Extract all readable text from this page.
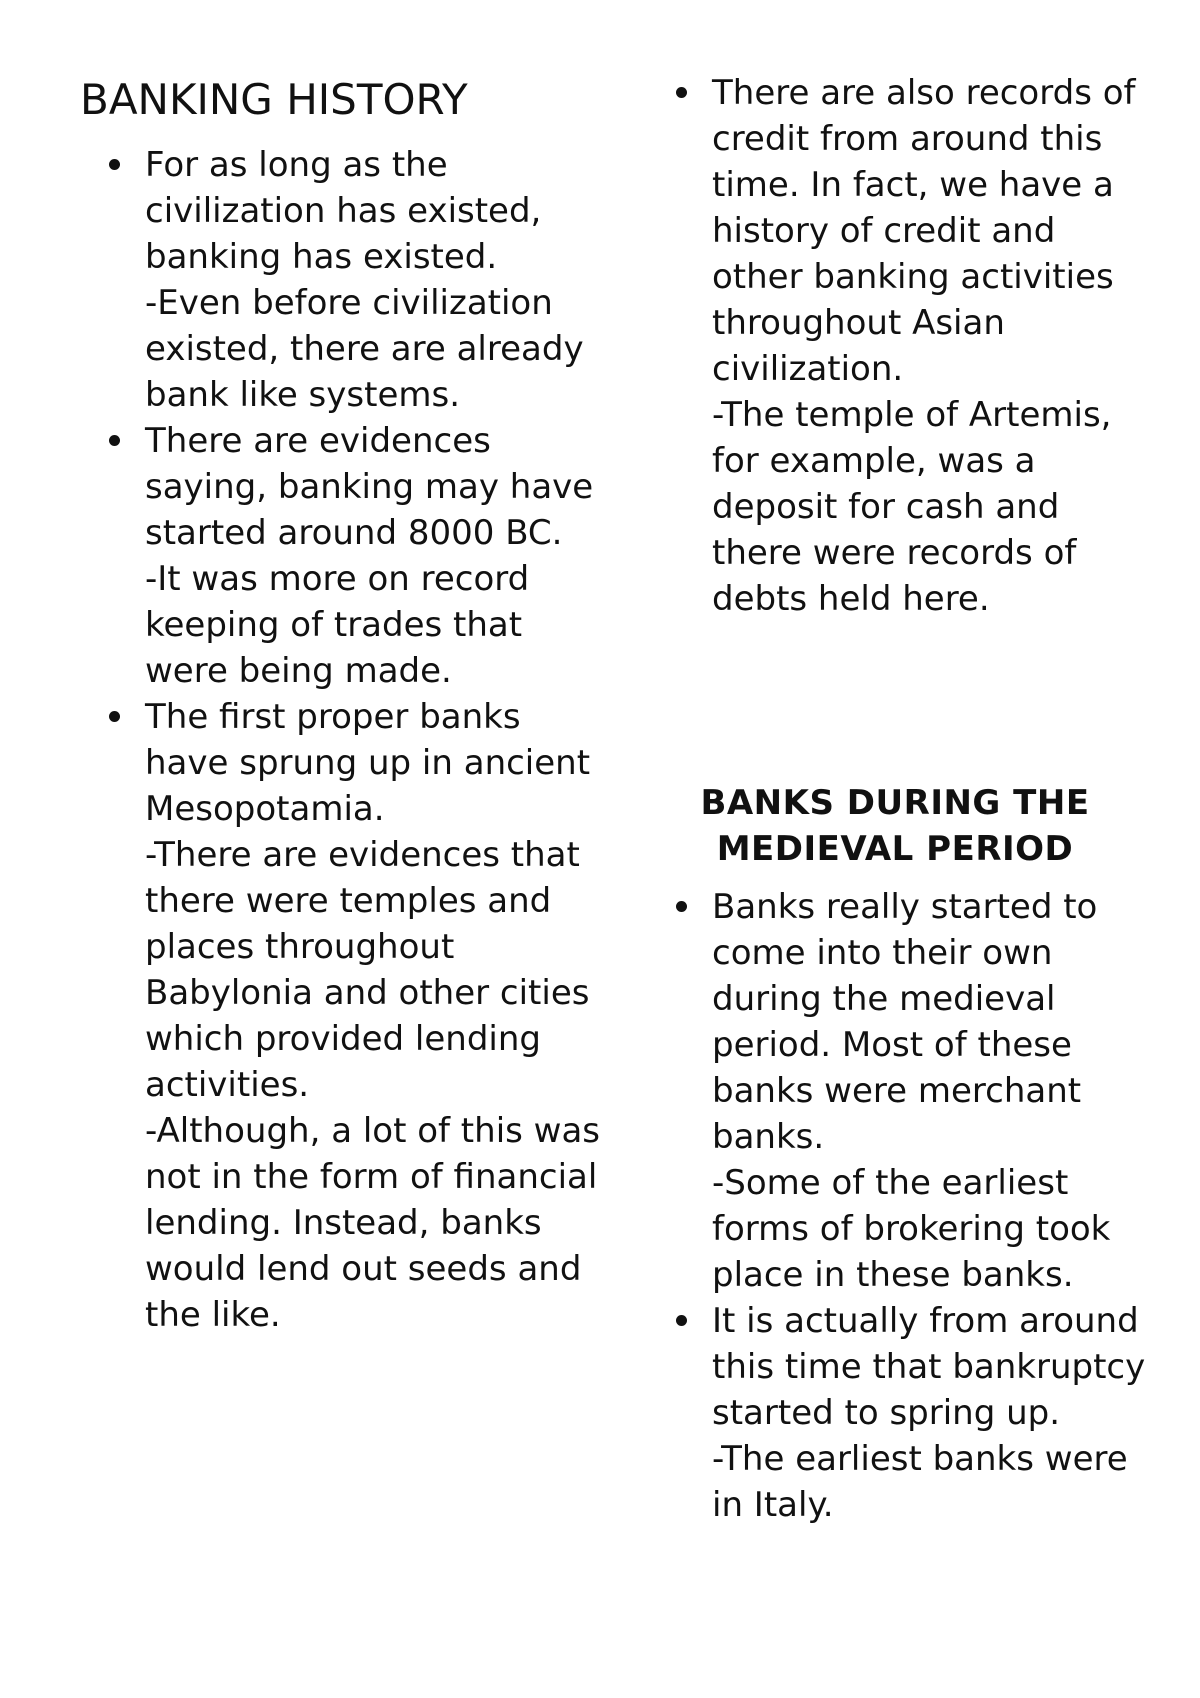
BANKING HISTORY
For as long as the civilization has existed, banking has existed.
-Even before civilization existed, there are already bank like systems.
There are evidences saying, banking may have started around 8000 BC.
-It was more on record keeping of trades that were being made.
The first proper banks have sprung up in ancient Mesopotamia.
-There are evidences that there were temples and places throughout Babylonia and other cities which provided lending activities.
-Although, a lot of this was not in the form of financial lending. Instead, banks would lend out seeds and the like.
There are also records of credit from around this time. In fact, we have a history of credit and other banking activities throughout Asian civilization.
-The temple of Artemis, for example, was a deposit for cash and there were records of debts held here.
BANKS DURING THE MEDIEVAL PERIOD
Banks really started to come into their own during the medieval period. Most of these banks were merchant banks.
-Some of the earliest forms of brokering took place in these banks.
It is actually from around this time that bankruptcy started to spring up.
-The earliest banks were in Italy.
